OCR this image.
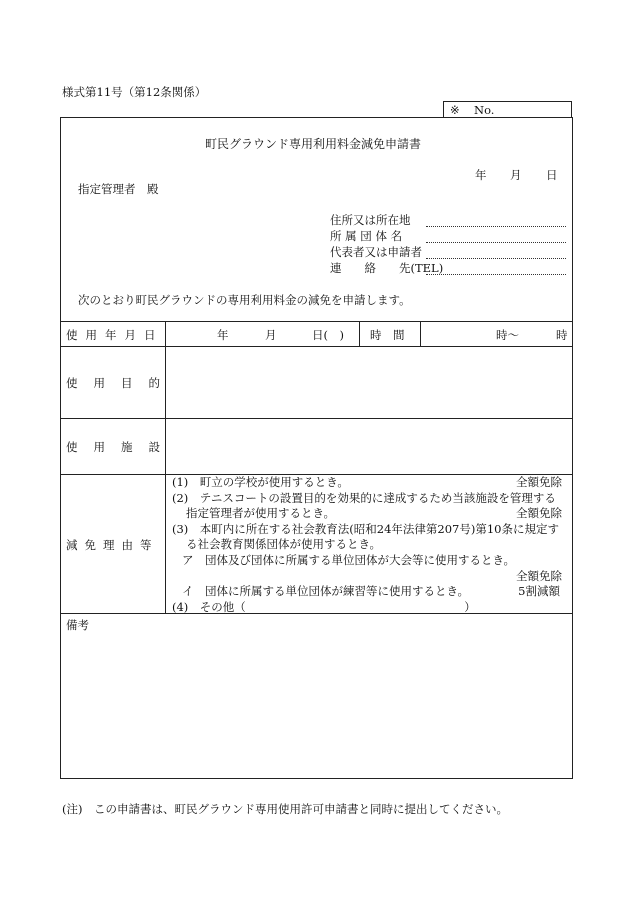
様式第11号（第12条関係）
※ No.
町民グラウンド専用利用料金減免申請書
年 月 日
指定管理者　殿
住所又は所在地
所 属 団 体 名
代表者又は申請者
連　　絡　　先(TEL)
次のとおり町民グラウンドの専用利用料金の減免を申請します。
使用年月日	年	月	日(　) 時　間	時～	時
使用目的
使用施設
減免理由等
(1)　町立の学校が使用するとき。	全額免除
(2)　テニスコートの設置目的を効果的に達成するため当該施設を管理する
指定管理者が使用するとき。	全額免除
(3)　本町内に所在する社会教育法(昭和24年法律第207号)第10条に規定す
る社会教育関係団体が使用するとき。
ア　団体及び団体に所属する単位団体が大会等に使用するとき。
全額免除
イ　団体に所属する単位団体が練習等に使用するとき。	5割減額
(4)　その他（　　　　　　　　　　　　　　　　　　　）
備考
(注)　この申請書は、町民グラウンド専用使用許可申請書と同時に提出してください。
